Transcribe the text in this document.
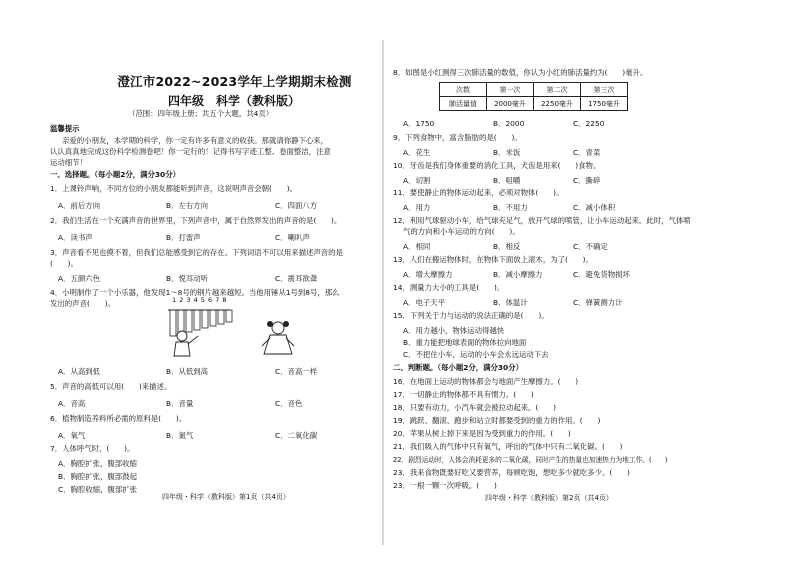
澄江市2022~2023学年上学期期末检测
四年级　科学（教科版）
（范围：四年级上册；共五个大题，共4页）
温馨提示
亲爱的小朋友，本学期的科学，你一定有许多有意义的收获。那就请你静下心来，
认认真真地完成这份科学检测卷吧！你一定行的！记得书写字迹工整、卷面整洁，注意
运动细节！
一、选择题。（每小题2分，满分30分）
1．上课铃声响，不同方位的小朋友都能听到声音，这说明声音会朝(　　)。
A．前后方向	B．左右方向	C．四面八方
2．我们生活在一个充满声音的世界里，下列声音中，属于自然界发出的声音的是(　　)。
A．读书声	B．打雷声	C．喇叭声
3．声音看不见也摸不着，但我们总能感受到它的存在。下列词语不可以用来描述声音的是
(　　)。
A．五颜六色	B．悦耳动听	C．震耳欲聋
4．小明制作了一个小乐器，他发现1～8号的钢片越来越短。当他用锤从1号到8号，那么
发出的声音(　　)。	1 2 3 4 5 6 7 8
A．从高到低	B．从低到高	C．音高一样
5．声音的高低可以用(　　)来描述。
A．音高	B．音量	C．音色
6．植物制造养料所必需的原料是(　　)。
A．氧气	B．氮气	C．二氧化碳
7．人体呼气时，(　　)。
A．胸腔扩张，腹部收缩
B．胸腔扩张，腹部鼓起
C．胸腔收缩，腹部扩张
四年级・科学（教科版）第1页（共4页）
8．如图是小红测得三次肺活量的数值，你认为小红的肺活量约为(　　)毫升。
次数	第一次	第二次	第三次
肺活量值	2000毫升	2250毫升	1750毫升
A．1750	B．2000	C．2250
9．下列食物中，富含脂肪的是(　　)。
A．花生	B．米饭	C．青菜
10．牙齿是我们身体重要的消化工具，犬齿是用来(　　)食物。
A．切割	B．咀嚼	C．撕碎
11．要使静止的物体运动起来，必须对物体(　　)。
A．用力	B．不用力	C．减小体积
12．利用气球驱动小车，给气球充足气，放开气球的喷管，让小车运动起来。此时，气体喷
气的方向和小车运动的方向(　　)。
A．相同	B．相反	C．不确定
13．人们在搬运物体时，在物体下面放上滚木，为了(　　)。
A．增大摩擦力	B．减小摩擦力	C．避免货物损坏
14．测量力大小的工具是(　　)。
A．电子天平	B．体温计	C．弹簧测力计
15．下列关于力与运动的说法正确的是(　　)。
A．用力越小，物体运动得越快
B．重力能把地球表面的物体拉向地面
C．不把住小车，运动的小车会永远运动下去
二、判断题。（每小题2分，满分30分）
16．在地面上运动的物体都会与地面产生摩擦力。(　　)
17．一切静止的物体都不具有惯力。(　　)
18．只要有动力，小汽车就会被拉动起来。(　　)
19．跳跃、翻滚、跑步和站立时都要受到的重力的作用。(　　)
20．苹果从树上掉下来是因为受到重力的作用。(　　)
21．我们吸入的气体中只有氧气，呼出的气体中只有二氧化碳。(　　)
22．剧烈运动时，人体会消耗更多的二氧化碳，同时产生的热量也加速热力为地工作。(　　)
23．我来食物既要好吃又要营养，每顿吃饱，想吃多少就吃多少。(　　)
23．一根一颗一次呼吸。(　　)
四年级・科学（教科版）第2页（共4页）
